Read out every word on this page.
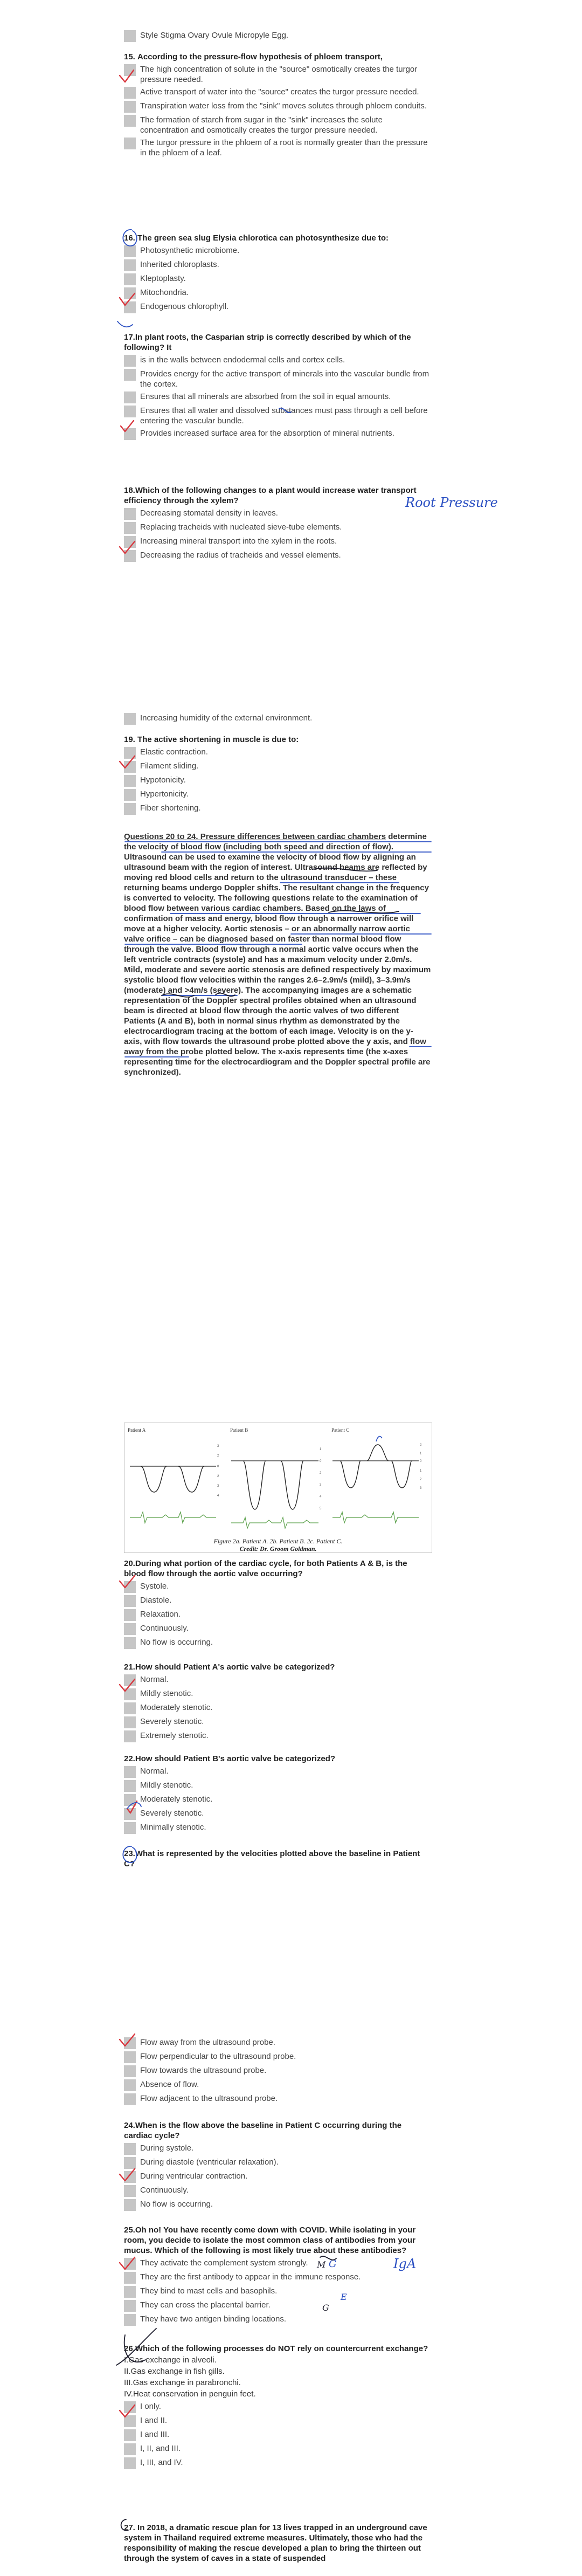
Style Stigma Ovary Ovule Micropyle Egg.
15. According to the pressure-flow hypothesis of phloem transport,
The high concentration of solute in the "source" osmotically creates the turgor pressure needed.
Active transport of water into the "source" creates the turgor pressure needed.
Transpiration water loss from the "sink" moves solutes through phloem conduits.
The formation of starch from sugar in the "sink" increases the solute concentration and osmotically creates the turgor pressure needed.
The turgor pressure in the phloem of a root is normally greater than the pressure in the phloem of a leaf.
16. The green sea slug Elysia chlorotica can photosynthesize due to:
Photosynthetic microbiome.
Inherited chloroplasts.
Kleptoplasty.
Mitochondria.
Endogenous chlorophyll.
17.In plant roots, the Casparian strip is correctly described by which of the following? It
is in the walls between endodermal cells and cortex cells.
Provides energy for the active transport of minerals into the vascular bundle from the cortex.
Ensures that all minerals are absorbed from the soil in equal amounts.
Ensures that all water and dissolved substances must pass through a cell before entering the vascular bundle.
Provides increased surface area for the absorption of mineral nutrients.
18.Which of the following changes to a plant would increase water transport efficiency through the xylem?
Decreasing stomatal density in leaves.
Replacing tracheids with nucleated sieve-tube elements.
Increasing mineral transport into the xylem in the roots.
Decreasing the radius of tracheids and vessel elements.
Increasing humidity of the external environment.
Root Pressure
19. The active shortening in muscle is due to:
Elastic contraction.
Filament sliding.
Hypotonicity.
Hypertonicity.
Fiber shortening.
Questions 20 to 24. Pressure differences between cardiac chambers determine the velocity of blood flow (including both speed and direction of flow). Ultrasound can be used to examine the velocity of blood flow by aligning an ultrasound beam with the region of interest. Ultrasound beams are reflected by moving red blood cells and return to the ultrasound transducer – these returning beams undergo Doppler shifts. The resultant change in the frequency is converted to velocity. The following questions relate to the examination of blood flow between various cardiac chambers. Based on the laws of confirmation of mass and energy, blood flow through a narrower orifice will move at a higher velocity. Aortic stenosis – or an abnormally narrow aortic valve orifice – can be diagnosed based on faster than normal blood flow through the valve. Blood flow through a normal aortic valve occurs when the left ventricle contracts (systole) and has a maximum velocity under 2.0m/s. Mild, moderate and severe aortic stenosis are defined respectively by maximum systolic blood flow velocities within the ranges 2.6–2.9m/s (mild), 3–3.9m/s (moderate) and >4m/s (severe). The accompanying images are a schematic representation of the Doppler spectral profiles obtained when an ultrasound beam is directed at blood flow through the aortic valves of two different Patients (A and B), both in normal sinus rhythm as demonstrated by the electrocardiogram tracing at the bottom of each image. Velocity is on the y-axis, with flow towards the ultrasound probe plotted above the y axis, and flow away from the probe plotted below. The x-axis represents time (the x-axes representing time for the electrocardiogram and the Doppler spectral profile are synchronized).
Patient A
3
2
0
2
3
4
Patient B
1
0
2
3
4
5
Patient C
2
1
0
1
2
3
Figure 2a. Patient A. 2b. Patient B. 2c. Patient C.
Credit: Dr. Groom Goldman.
20.During what portion of the cardiac cycle, for both Patients A & B, is the blood flow through the aortic valve occurring?
Systole.
Diastole.
Relaxation.
Continuously.
No flow is occurring.
21.How should Patient A's aortic valve be categorized?
Normal.
Mildly stenotic.
Moderately stenotic.
Severely stenotic.
Extremely stenotic.
22.How should Patient B's aortic valve be categorized?
Normal.
Mildly stenotic.
Moderately stenotic.
Severely stenotic.
Minimally stenotic.
23.What is represented by the velocities plotted above the baseline in Patient C?
Flow away from the ultrasound probe.
Flow perpendicular to the ultrasound probe.
Flow towards the ultrasound probe.
Absence of flow.
Flow adjacent to the ultrasound probe.
24.When is the flow above the baseline in Patient C occurring during the cardiac cycle?
During systole.
During diastole (ventricular relaxation).
During ventricular contraction.
Continuously.
No flow is occurring.
25.Oh no! You have recently come down with COVID. While isolating in your room, you decide to isolate the most common class of antibodies from your mucus. Which of the following is most likely true about these antibodies?
They activate the complement system strongly.
They are the first antibody to appear in the immune response.
They bind to mast cells and basophils.
They can cross the placental barrier.
They have two antigen binding locations.
IgA
M G
E
G
26.Which of the following processes do NOT rely on countercurrent exchange?
I.Gas exchange in alveoli.
II.Gas exchange in fish gills.
III.Gas exchange in parabronchi.
IV.Heat conservation in penguin feet.
I only.
I and II.
I and III.
I, II, and III.
I, III, and IV.
27. In 2018, a dramatic rescue plan for 13 lives trapped in an underground cave system in Thailand required extreme measures. Ultimately, those who had the responsibility of making the rescue developed a plan to bring the thirteen out through the system of caves in a state of suspended
